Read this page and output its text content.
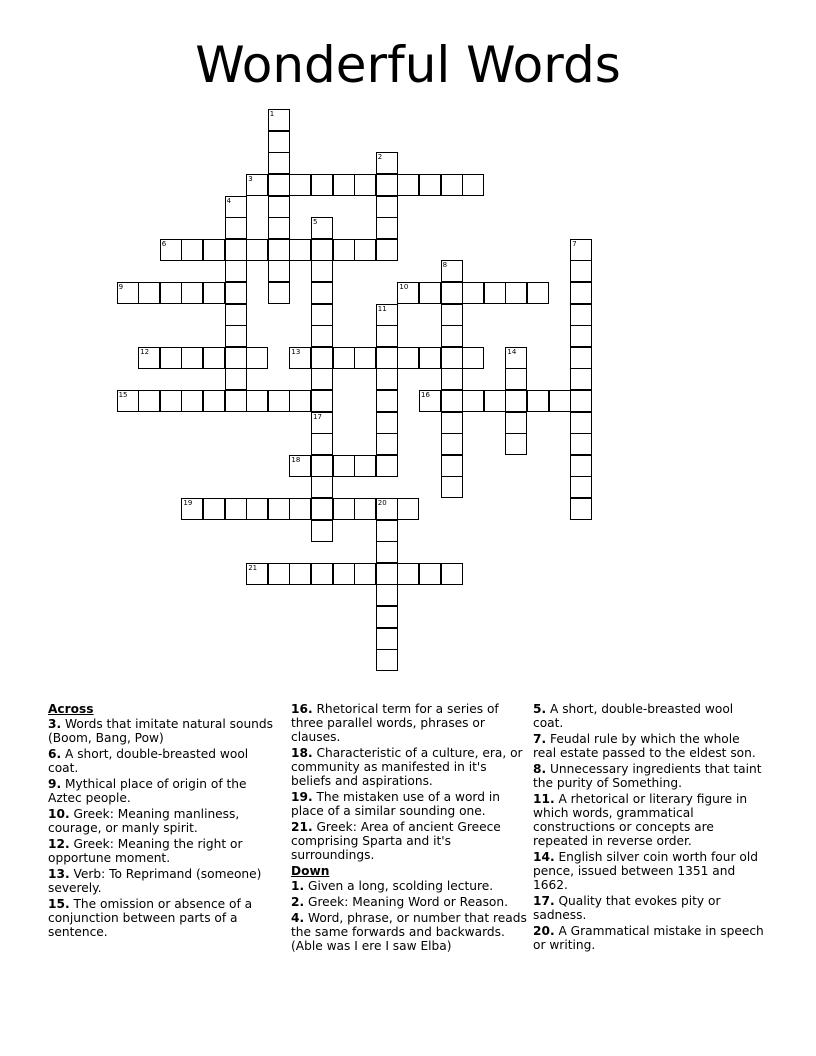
Wonderful Words
3
6
9	10
12	13
15	16
18
19	20
21
1
2
4
5
17
7
8
11
14
Across

3. Words that imitate natural sounds (Boom, Bang, Pow)

6. A short, double-breasted wool coat.

9. Mythical place of origin of the Aztec people.

10. Greek: Meaning manliness, courage, or manly spirit.

12. Greek: Meaning the right or opportune moment.

13. Verb: To Reprimand (someone) severely.

15. The omission or absence of a conjunction between parts of a sentence.

16. Rhetorical term for a series of three parallel words, phrases or clauses.

18. Characteristic of a culture, era, or community as manifested in it's beliefs and aspirations.

19. The mistaken use of a word in place of a similar sounding one.

21. Greek: Area of ancient Greece comprising Sparta and it's surroundings.

Down

1. Given a long, scolding lecture.

2. Greek: Meaning Word or Reason.

4. Word, phrase, or number that reads the same forwards and backwards.(Able was I ere I saw Elba)

5. A short, double-breasted wool coat.

7. Feudal rule by which the whole real estate passed to the eldest son.

8. Unnecessary ingredients that taint the purity of Something.

11. A rhetorical or literary figure in which words, grammatical constructions or concepts are repeated in reverse order.

14. English silver coin worth four old pence, issued between 1351 and 1662.

17. Quality that evokes pity or sadness.

20. A Grammatical mistake in speech or writing.
